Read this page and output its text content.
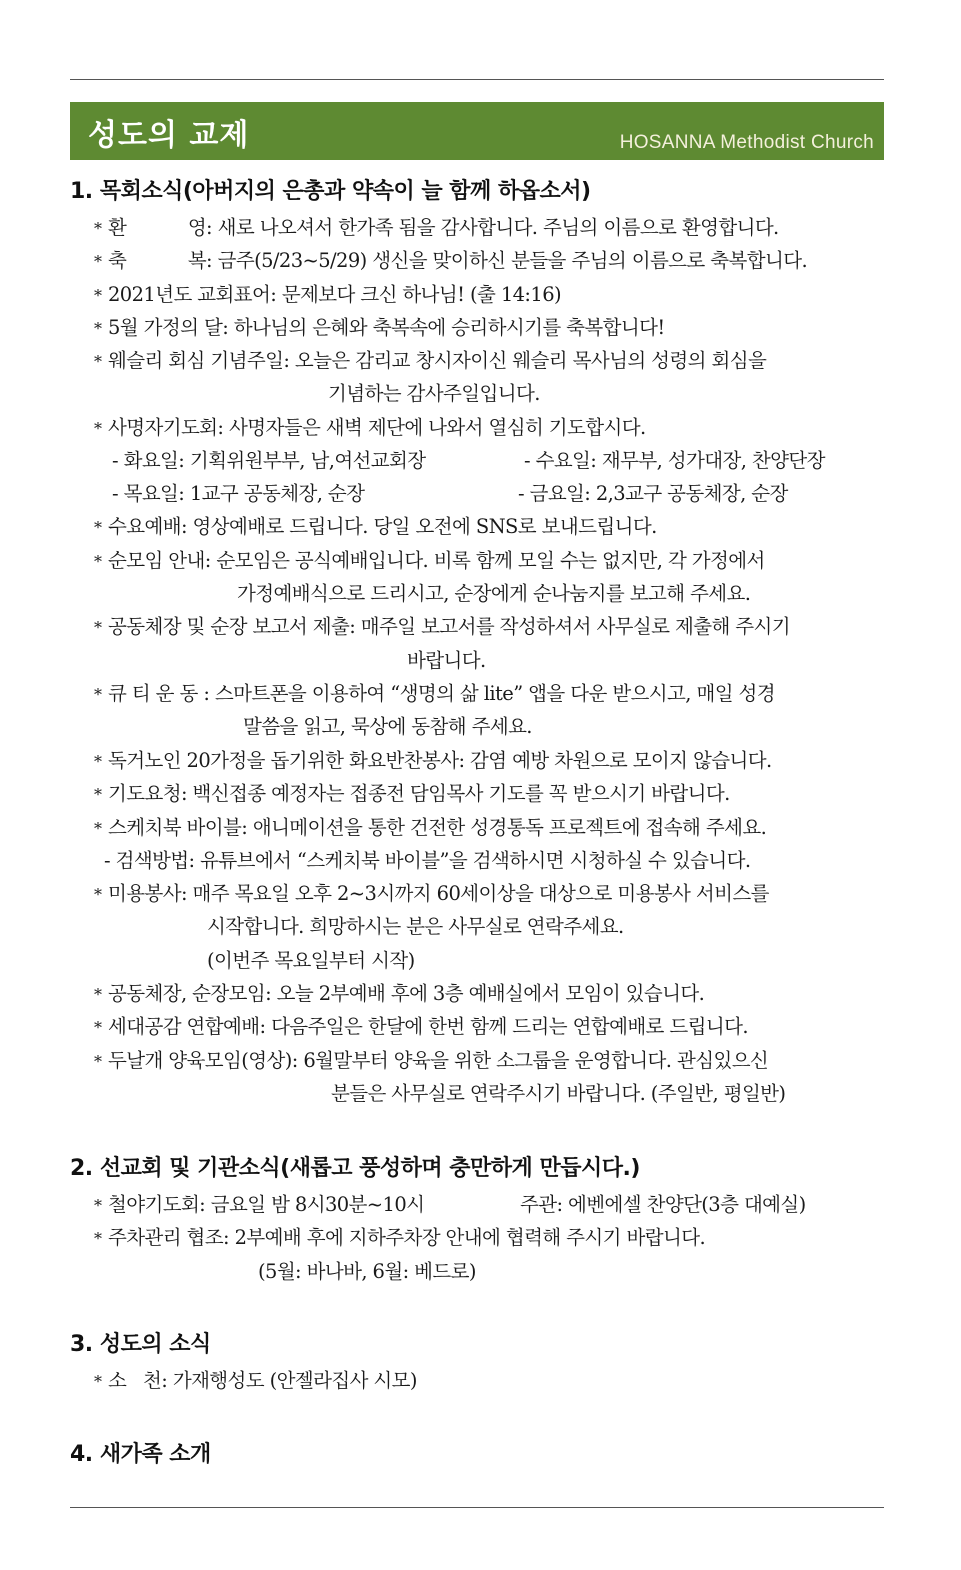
성도의 교제	HOSANNA Methodist Church
1. 목회소식(아버지의 은총과 약속이 늘 함께 하옵소서)
* 환           영: 새로 나오셔서 한가족 됨을 감사합니다. 주님의 이름으로 환영합니다.
* 축           복: 금주(5/23~5/29) 생신을 맞이하신 분들을 주님의 이름으로 축복합니다.
* 2021년도 교회표어: 문제보다 크신 하나님! (출 14:16)
* 5월 가정의 달: 하나님의 은혜와 축복속에 승리하시기를 축복합니다!
* 웨슬리 회심 기념주일: 오늘은 감리교 창시자이신 웨슬리 목사님의 성령의 회심을
기념하는 감사주일입니다.
* 사명자기도회: 사명자들은 새벽 제단에 나와서 열심히 기도합시다.
- 화요일: 기획위원부부, 남,여선교회장	- 수요일: 재무부, 성가대장, 찬양단장
- 목요일: 1교구 공동체장, 순장	- 금요일: 2,3교구 공동체장, 순장
* 수요예배: 영상예배로 드립니다. 당일 오전에 SNS로 보내드립니다.
* 순모임 안내: 순모임은 공식예배입니다. 비록 함께 모일 수는 없지만, 각 가정에서
가정예배식으로 드리시고, 순장에게 순나눔지를 보고해 주세요.
* 공동체장 및 순장 보고서 제출: 매주일 보고서를 작성하셔서 사무실로 제출해 주시기
바랍니다.
* 큐 티 운 동 : 스마트폰을 이용하여 “생명의 삶 lite” 앱을 다운 받으시고, 매일 성경
말씀을 읽고, 묵상에 동참해 주세요.
* 독거노인 20가정을 돕기위한 화요반찬봉사: 감염 예방 차원으로 모이지 않습니다.
* 기도요청: 백신접종 예정자는 접종전 담임목사 기도를 꼭 받으시기 바랍니다.
* 스케치북 바이블: 애니메이션을 통한 건전한 성경통독 프로젝트에 접속해 주세요.
- 검색방법: 유튜브에서 “스케치북 바이블”을 검색하시면 시청하실 수 있습니다.
* 미용봉사: 매주 목요일 오후 2~3시까지 60세이상을 대상으로 미용봉사 서비스를
시작합니다. 희망하시는 분은 사무실로 연락주세요.
(이번주 목요일부터 시작)
* 공동체장, 순장모임: 오늘 2부예배 후에 3층 예배실에서 모임이 있습니다.
* 세대공감 연합예배: 다음주일은 한달에 한번 함께 드리는 연합예배로 드립니다.
* 두날개 양육모임(영상): 6월말부터 양육을 위한 소그룹을 운영합니다. 관심있으신
분들은 사무실로 연락주시기 바랍니다. (주일반, 평일반)
2. 선교회 및 기관소식(새롭고 풍성하며 충만하게 만듭시다.)
* 철야기도회: 금요일 밤 8시30분~10시	주관: 에벤에셀 찬양단(3층 대예실)
* 주차관리 협조: 2부예배 후에 지하주차장 안내에 협력해 주시기 바랍니다.
(5월: 바나바, 6월: 베드로)
3. 성도의 소식
* 소   천: 가재행성도 (안젤라집사 시모)
4. 새가족 소개
